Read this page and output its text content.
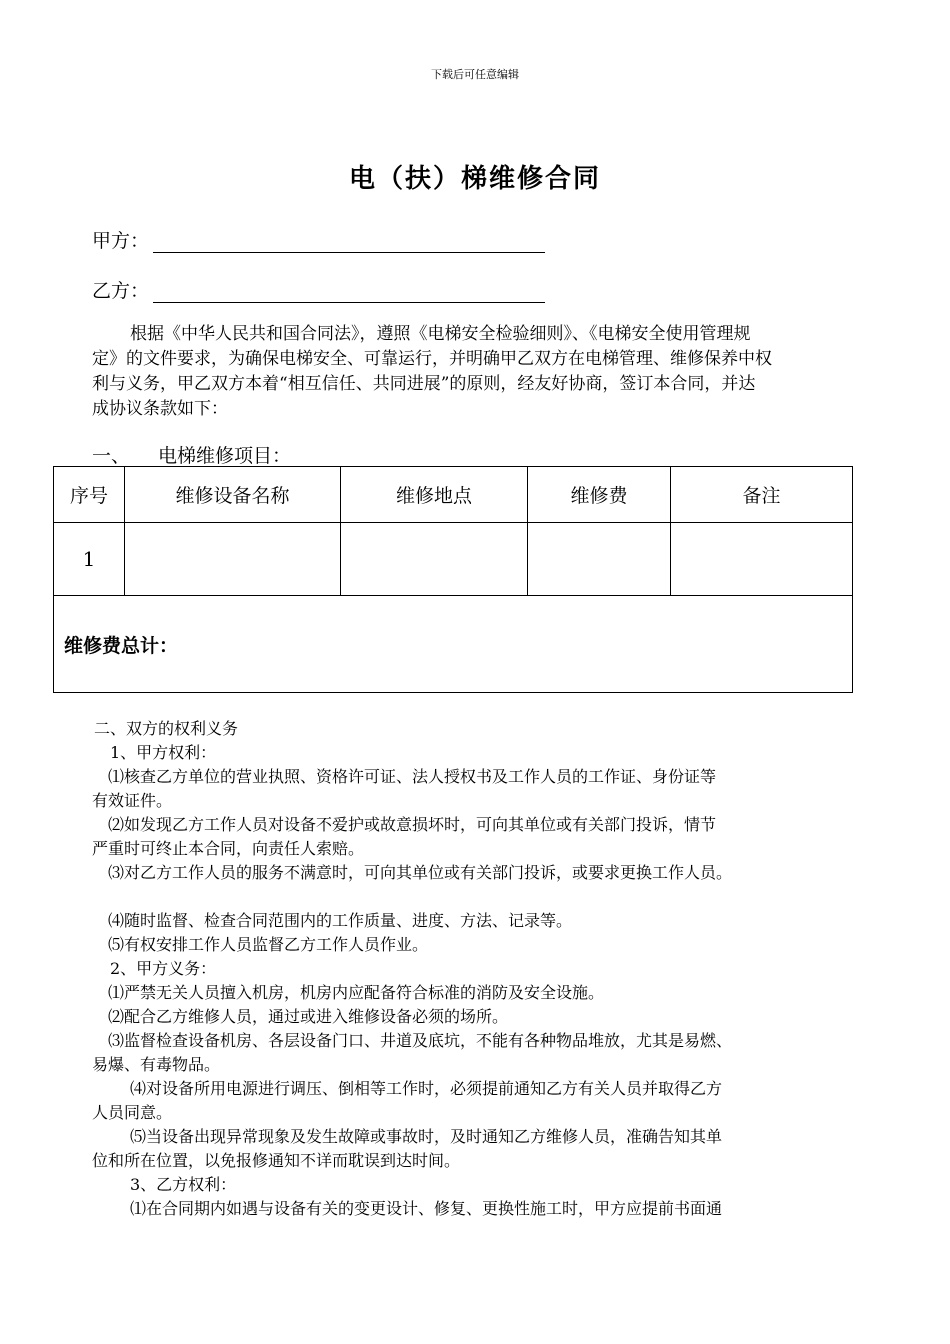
下载后可任意编辑
电（扶）梯维修合同
甲方：
乙方：

根据《中华人民共和国合同法》，遵照《电梯安全检验细则》、《电梯安全使用管理规

定》的文件要求，为确保电梯安全、可靠运行，并明确甲乙双方在电梯管理、维修保养中权

利与义务，甲乙双方本着“相互信任、共同进展”的原则，经友好协商，签订本合同，并达

成协议条款如下：

一、 电梯维修项目：
序号	维修设备名称	维修地点	维修费	备注
1				
维修费总计：				

二、双方的权利义务

1、甲方权利：

⑴核查乙方单位的营业执照、资格许可证、法人授权书及工作人员的工作证、身份证等

有效证件。

⑵如发现乙方工作人员对设备不爱护或故意损坏时，可向其单位或有关部门投诉，情节

严重时可终止本合同，向责任人索赔。

⑶对乙方工作人员的服务不满意时，可向其单位或有关部门投诉，或要求更换工作人员。

⑷随时监督、检查合同范围内的工作质量、进度、方法、记录等。

⑸有权安排工作人员监督乙方工作人员作业。

2、甲方义务：

⑴严禁无关人员擅入机房，机房内应配备符合标准的消防及安全设施。

⑵配合乙方维修人员，通过或进入维修设备必须的场所。

⑶监督检查设备机房、各层设备门口、井道及底坑，不能有各种物品堆放，尤其是易燃、

易爆、有毒物品。

⑷对设备所用电源进行调压、倒相等工作时，必须提前通知乙方有关人员并取得乙方

人员同意。

⑸当设备出现异常现象及发生故障或事故时，及时通知乙方维修人员，准确告知其单

位和所在位置，以免报修通知不详而耽误到达时间。

3、乙方权利：

⑴在合同期内如遇与设备有关的变更设计、修复、更换性施工时，甲方应提前书面通
